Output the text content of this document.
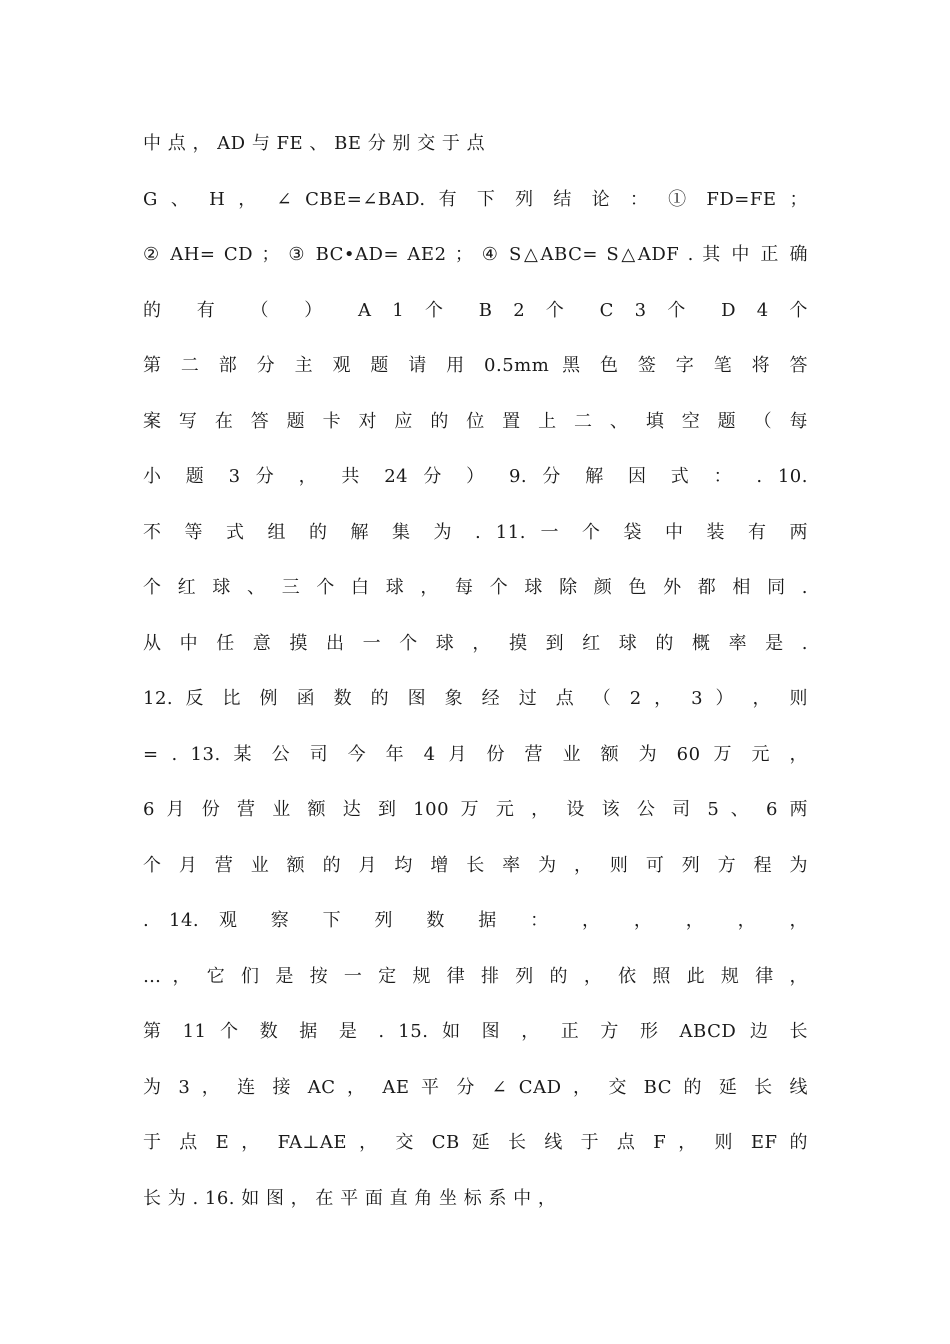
中 点 ， AD 与 FE 、 BE 分 别 交 于 点
G 、 H ， ∠ CBE=∠BAD. 有 下 列 结 论 ： ① FD=FE ；
② AH= CD ； ③ BC•AD= AE2 ； ④ S△ABC= S△ADF . 其 中 正 确
的 有 （ ） A 1 个 B 2 个 C 3 个 D 4 个
第 二 部 分 主 观 题 请 用 0.5mm 黑 色 签 字 笔 将 答
案 写 在 答 题 卡 对 应 的 位 置 上 二 、 填 空 题 （ 每
小 题 3 分 ， 共 24 分 ） 9. 分 解 因 式 ： . 10.
不 等 式 组 的 解 集 为 . 11. 一 个 袋 中 装 有 两
个 红 球 、 三 个 白 球 ， 每 个 球 除 颜 色 外 都 相 同 .
从 中 任 意 摸 出 一 个 球 ， 摸 到 红 球 的 概 率 是 .
12. 反 比 例 函 数 的 图 象 经 过 点 （ 2 ， 3 ） ， 则
= . 13. 某 公 司 今 年 4 月 份 营 业 额 为 60 万 元 ，
6 月 份 营 业 额 达 到 100 万 元 ， 设 该 公 司 5 、 6 两
个 月 营 业 额 的 月 均 增 长 率 为 ， 则 可 列 方 程 为
. 14. 观 察 下 列 数 据 ： ， ， ， ， ，
… ， 它 们 是 按 一 定 规 律 排 列 的 ， 依 照 此 规 律 ，
第 11 个 数 据 是 . 15. 如 图 ， 正 方 形 ABCD 边 长
为 3 ， 连 接 AC ， AE 平 分 ∠ CAD ， 交 BC 的 延 长 线
于 点 E ， FA⊥AE ， 交 CB 延 长 线 于 点 F ， 则 EF 的
长 为 . 16. 如 图 ， 在 平 面 直 角 坐 标 系 中 ，
